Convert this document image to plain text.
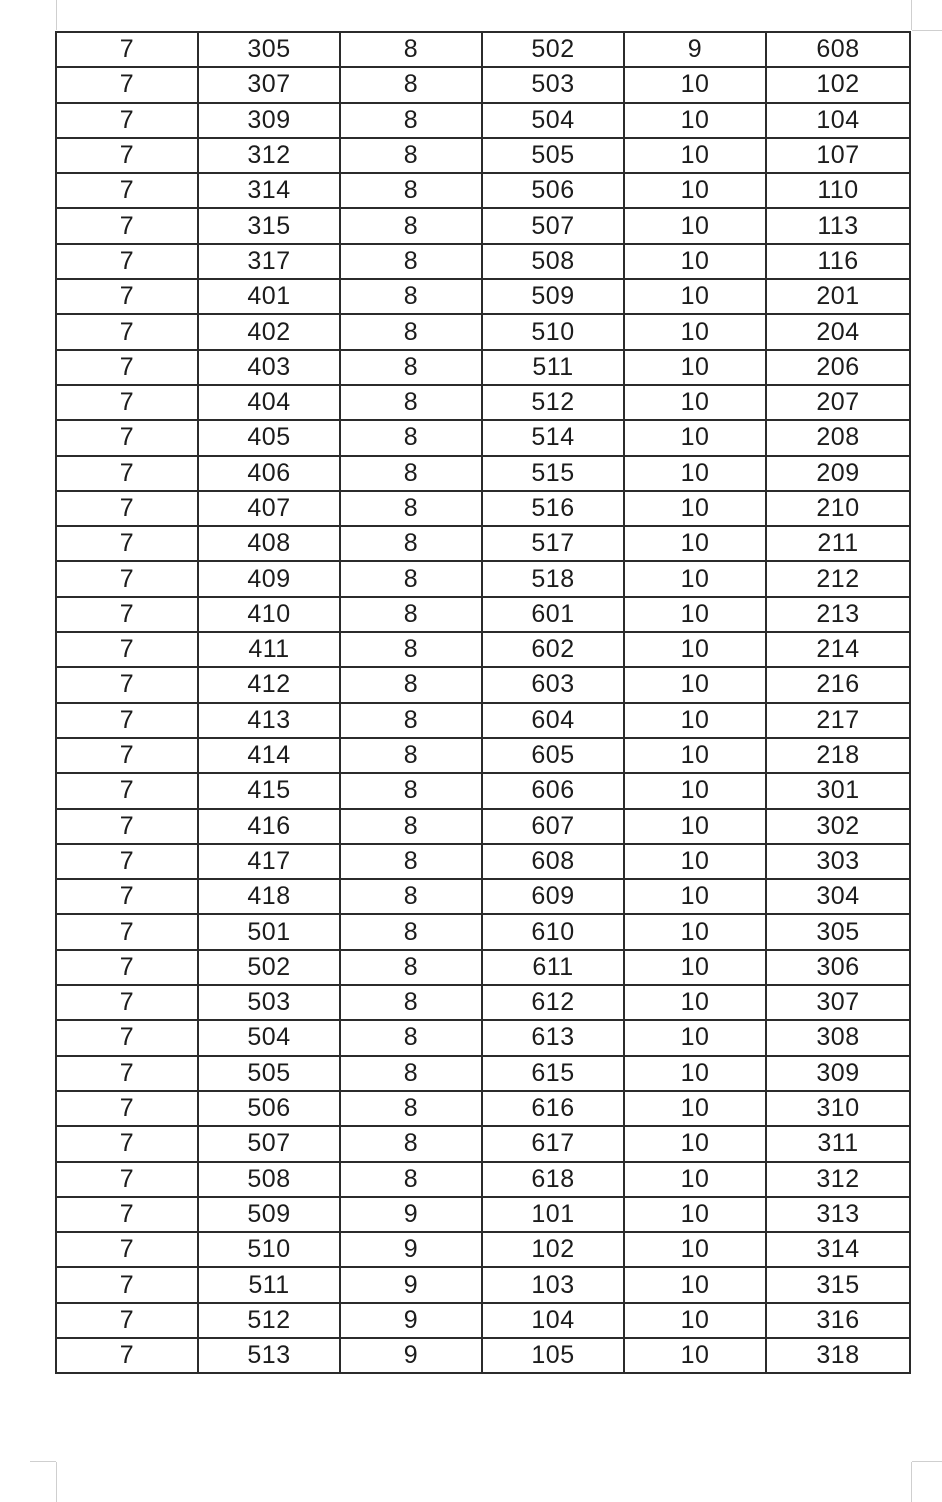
7	305	8	502	9	608
7	307	8	503	10	102
7	309	8	504	10	104
7	312	8	505	10	107
7	314	8	506	10	110
7	315	8	507	10	113
7	317	8	508	10	116
7	401	8	509	10	201
7	402	8	510	10	204
7	403	8	511	10	206
7	404	8	512	10	207
7	405	8	514	10	208
7	406	8	515	10	209
7	407	8	516	10	210
7	408	8	517	10	211
7	409	8	518	10	212
7	410	8	601	10	213
7	411	8	602	10	214
7	412	8	603	10	216
7	413	8	604	10	217
7	414	8	605	10	218
7	415	8	606	10	301
7	416	8	607	10	302
7	417	8	608	10	303
7	418	8	609	10	304
7	501	8	610	10	305
7	502	8	611	10	306
7	503	8	612	10	307
7	504	8	613	10	308
7	505	8	615	10	309
7	506	8	616	10	310
7	507	8	617	10	311
7	508	8	618	10	312
7	509	9	101	10	313
7	510	9	102	10	314
7	511	9	103	10	315
7	512	9	104	10	316
7	513	9	105	10	318
